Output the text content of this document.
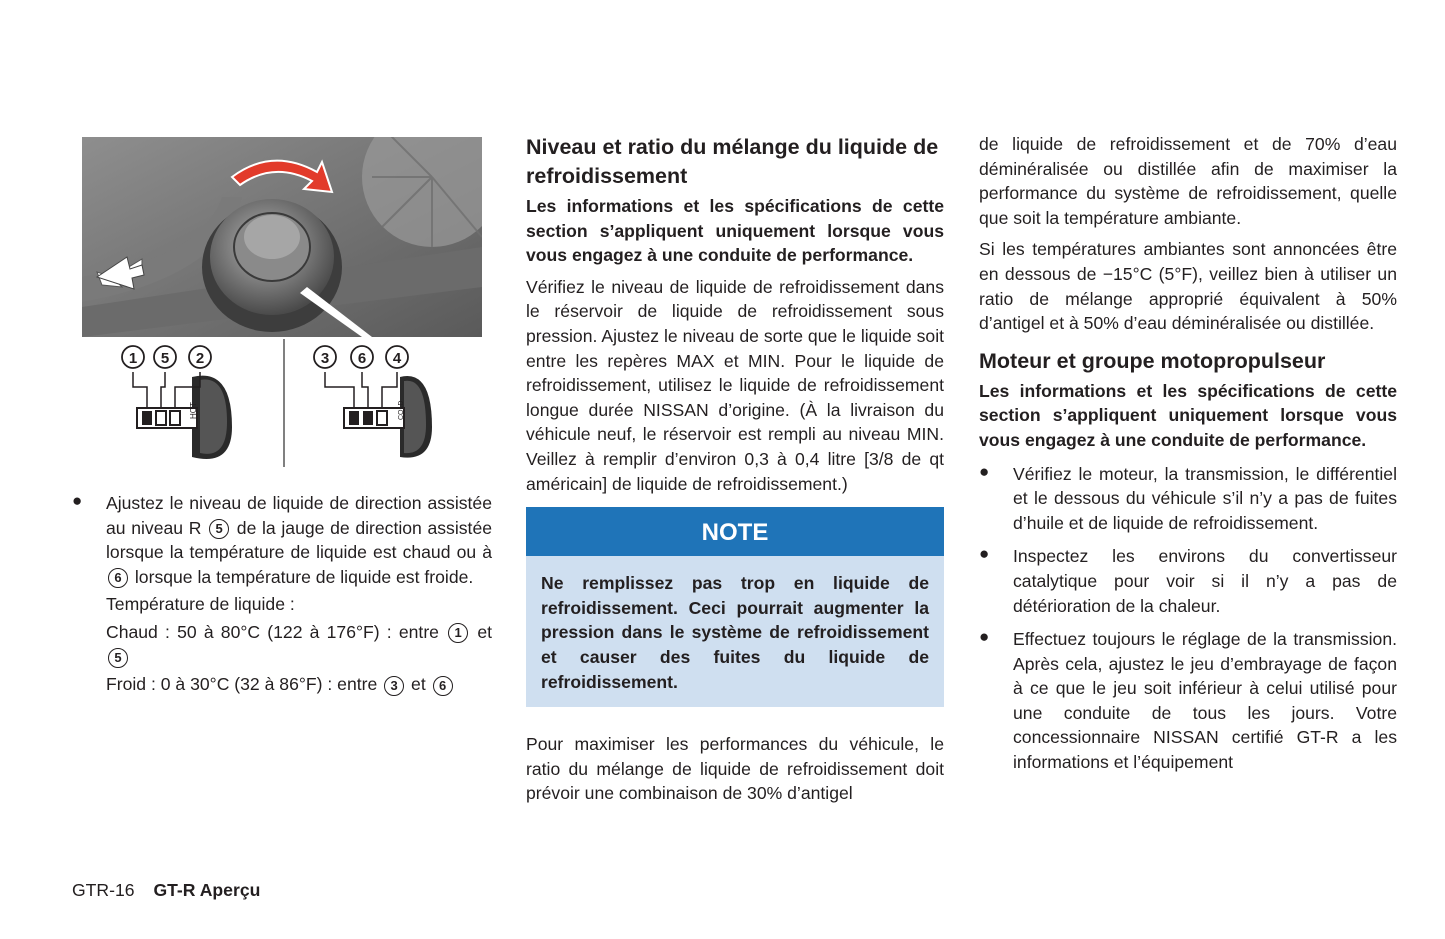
HOT
1 5 2
COLD
3 6 4
● Ajustez le niveau de liquide de direction assistée au niveau R 5 de la jauge de direction assistée lorsque la température de liquide est chaud ou à 6 lorsque la température de liquide est froide.

Température de liquide :

Chaud : 50 à 80°C (122 à 176°F) : entre 1 et 5

Froid : 0 à 30°C (32 à 86°F) : entre 3 et 6

Niveau et ratio du mélange du liquide de refroidissement

Les informations et les spécifications de cette section s’appliquent uniquement lorsque vous vous engagez à une conduite de performance.

Vérifiez le niveau de liquide de refroidissement dans le réservoir de liquide de refroidissement sous pression. Ajustez le niveau de sorte que le liquide soit entre les repères MAX et MIN. Pour le liquide de refroidissement, utilisez le liquide de refroidissement longue durée NISSAN d’origine. (À la livraison du véhicule neuf, le réservoir est rempli au niveau MIN. Veillez à remplir d’environ 0,3 à 0,4 litre [3/8 de qt américain] de liquide de refroidissement.)

NOTE

Ne remplissez pas trop en liquide de refroidissement. Ceci pourrait augmenter la pression dans le système de refroidissement et causer des fuites du liquide de refroidissement.

Pour maximiser les performances du véhicule, le ratio du mélange de liquide de refroidissement doit prévoir une combinaison de 30% d’antigel

de liquide de refroidissement et de 70% d’eau déminéralisée ou distillée afin de maximiser la performance du système de refroidissement, quelle que soit la température ambiante.

Si les températures ambiantes sont annoncées être en dessous de −15°C (5°F), veillez bien à utiliser un ratio de mélange approprié équivalent à 50% d’antigel et à 50% d’eau déminéralisée ou distillée.

Moteur et groupe motopropulseur

Les informations et les spécifications de cette section s’appliquent uniquement lorsque vous vous engagez à une conduite de performance.

● Vérifiez le moteur, la transmission, le différentiel et le dessous du véhicule s’il n’y a pas de fuites d’huile et de liquide de refroidissement.

● Inspectez les environs du convertisseur catalytique pour voir si il n’y a pas de détérioration de la chaleur.

● Effectuez toujours le réglage de la transmission. Après cela, ajustez le jeu d’embrayage de façon à ce que le jeu soit inférieur à celui utilisé pour une conduite de tous les jours. Votre concessionnaire NISSAN certifié GT-R a les informations et l’équipement

GTR-16 GT-R Aperçu
